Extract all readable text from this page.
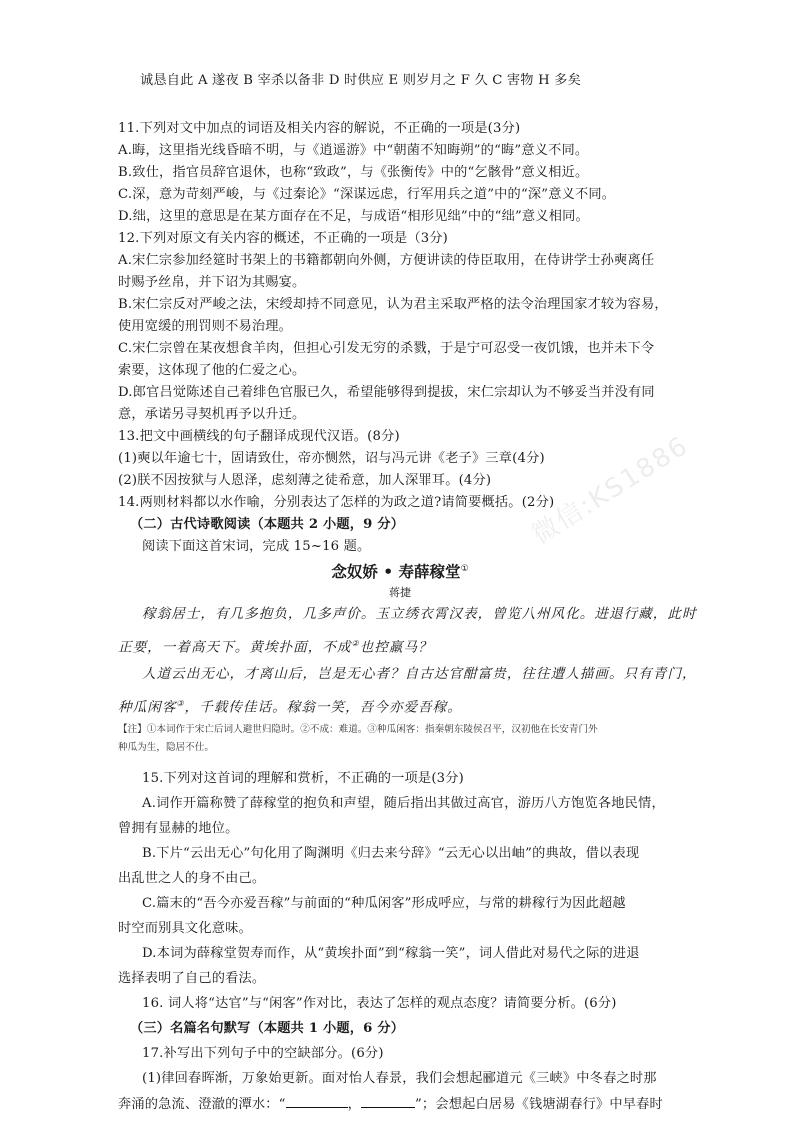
微信:KS1886
诚恳自此 A 遂夜 B 宰杀以备非 D 时供应 E 则岁月之 F 久 C 害物 H 多矣
11.下列对文中加点的词语及相关内容的解说，不正确的一项是(3分)
A.晦，这里指光线昏暗不明，与《逍遥游》中“朝菌不知晦朔”的“晦”意义不同。
B.致仕，指官员辞官退休，也称“致政”，与《张衡传》中的“乞骸骨”意义相近。
C.深，意为苛刻严峻，与《过秦论》“深谋远虑，行军用兵之道”中的“深”意义不同。
D.绌，这里的意思是在某方面存在不足，与成语“相形见绌”中的“绌”意义相同。
12.下列对原文有关内容的概述，不正确的一项是（3分)
A.宋仁宗参加经筵时书架上的书籍都朝向外侧，方便讲读的侍臣取用，在侍讲学士孙奭离任
时赐予丝帛，并下诏为其赐宴。
B.宋仁宗反对严峻之法，宋绶却持不同意见，认为君主采取严格的法令治理国家才较为容易，
使用宽缓的刑罚则不易治理。
C.宋仁宗曾在某夜想食羊肉，但担心引发无穷的杀戮，于是宁可忍受一夜饥饿，也并未下令
索要，这体现了他的仁爱之心。
D.郎官吕觉陈述自己着绯色官服已久，希望能够得到提拔，宋仁宗却认为不够妥当并没有同
意，承诺另寻契机再予以升迁。
13.把文中画横线的句子翻译成现代汉语。(8分)
(1)奭以年逾七十，固请致仕，帝亦恻然，诏与冯元讲《老子》三章(4分)
(2)朕不因按狱与人恩泽，虑刻薄之徒希意，加人深罪耳。(4分)
14.两则材料都以水作喻，分别表达了怎样的为政之道?请简要概括。(2分)
（二）古代诗歌阅读（本题共 2 小题，9 分）
阅读下面这首宋词，完成 15~16 题。
念奴娇 • 寿薛稼堂①
蒋捷
稼翁居士，有几多抱负，几多声价。玉立绣衣霄汉表，曾览八州风化。进退行藏，此时
正要，一着高天下。黄埃扑面，不成②也控羸马？
人道云出无心，才离山后，岂是无心者？自古达官酣富贵，往往遭人描画。只有青门，
种瓜闲客③，千载传佳话。稼翁一笑，吾今亦爱吾稼。
【注】①本词作于宋亡后词人避世归隐时。②不成：难道。③种瓜闲客：指秦朝东陵侯召平，汉初他在长安青门外
种瓜为生，隐居不仕。
15.下列对这首词的理解和赏析，不正确的一项是(3分)
A.词作开篇称赞了薛稼堂的抱负和声望，随后指出其做过高官，游历八方饱览各地民情，
曾拥有显赫的地位。
B.下片“云出无心”句化用了陶渊明《归去来兮辞》“云无心以出岫”的典故，借以表现
出乱世之人的身不由己。
C.篇末的“吾今亦爱吾稼”与前面的“种瓜闲客”形成呼应，与常的耕稼行为因此超越
时空而别具文化意味。
D.本词为薛稼堂贺寿而作，从“黄埃扑面”到“稼翁一笑”，词人借此对易代之际的进退
选择表明了自己的看法。
16. 词人将“达官”与“闲客”作对比，表达了怎样的观点态度？请简要分析。(6分)
（三）名篇名句默写（本题共 1 小题，6 分）
17.补写出下列句子中的空缺部分。(6分)
(1)律回春晖渐，万象始更新。面对怡人春景，我们会想起郦道元《三峡》中冬春之时那
奔涌的急流、澄澈的潭水：“	，	”；会想起白居易《钱塘湖春行》中早春时
